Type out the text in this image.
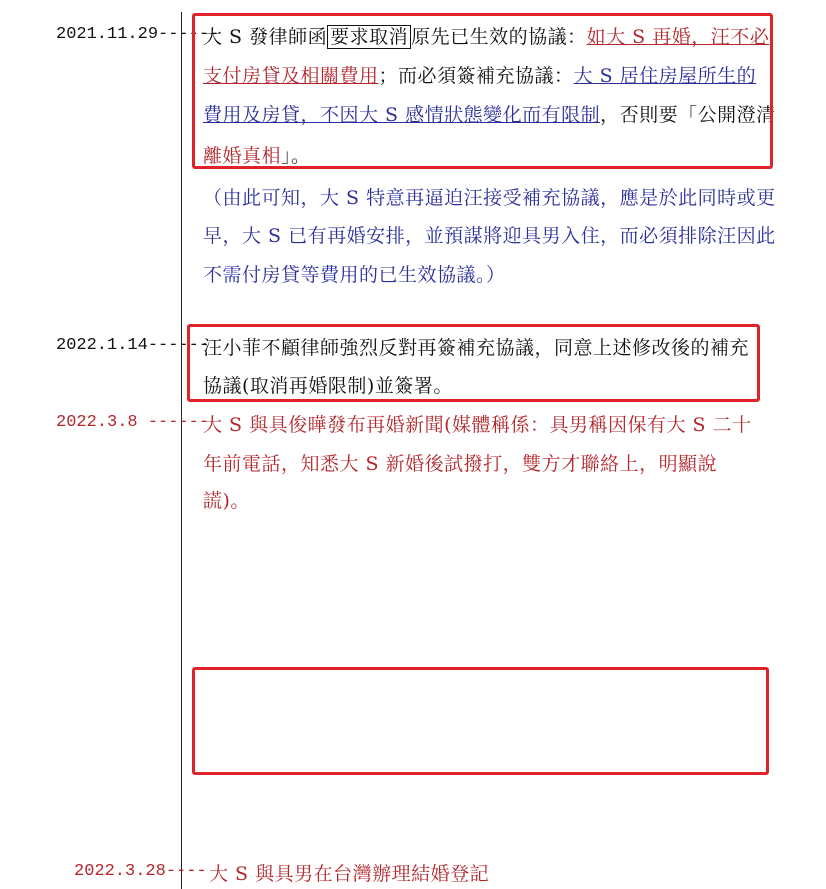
2021.11.29------
大 S 發律師函 要求取消 原先已生效的協議：如大 S 再婚，汪不必
支付房貸及相關費用；而必須簽補充協議：大 S 居住房屋所生的
費用及房貸，不因大 S 感情狀態變化而有限制，否則要「公開澄清
離婚真相」。
（由此可知，大 S 特意再逼迫汪接受補充協議，應是於此同時或更
早，大 S 已有再婚安排，並預謀將迎具男入住，而必須排除汪因此
不需付房貸等費用的已生效協議。）
2022.1.14------
汪小菲不顧律師強烈反對再簽補充協議，同意上述修改後的補充
協議(取消再婚限制)並簽署。
2022.3.8 ------
大 S 與具俊曄發布再婚新聞(媒體稱係：具男稱因保有大 S 二十
年前電話，知悉大 S 新婚後試撥打，雙方才聯絡上，明顯說
謊)。
2022.3.28---- 大 S 與具男在台灣辦理結婚登記
